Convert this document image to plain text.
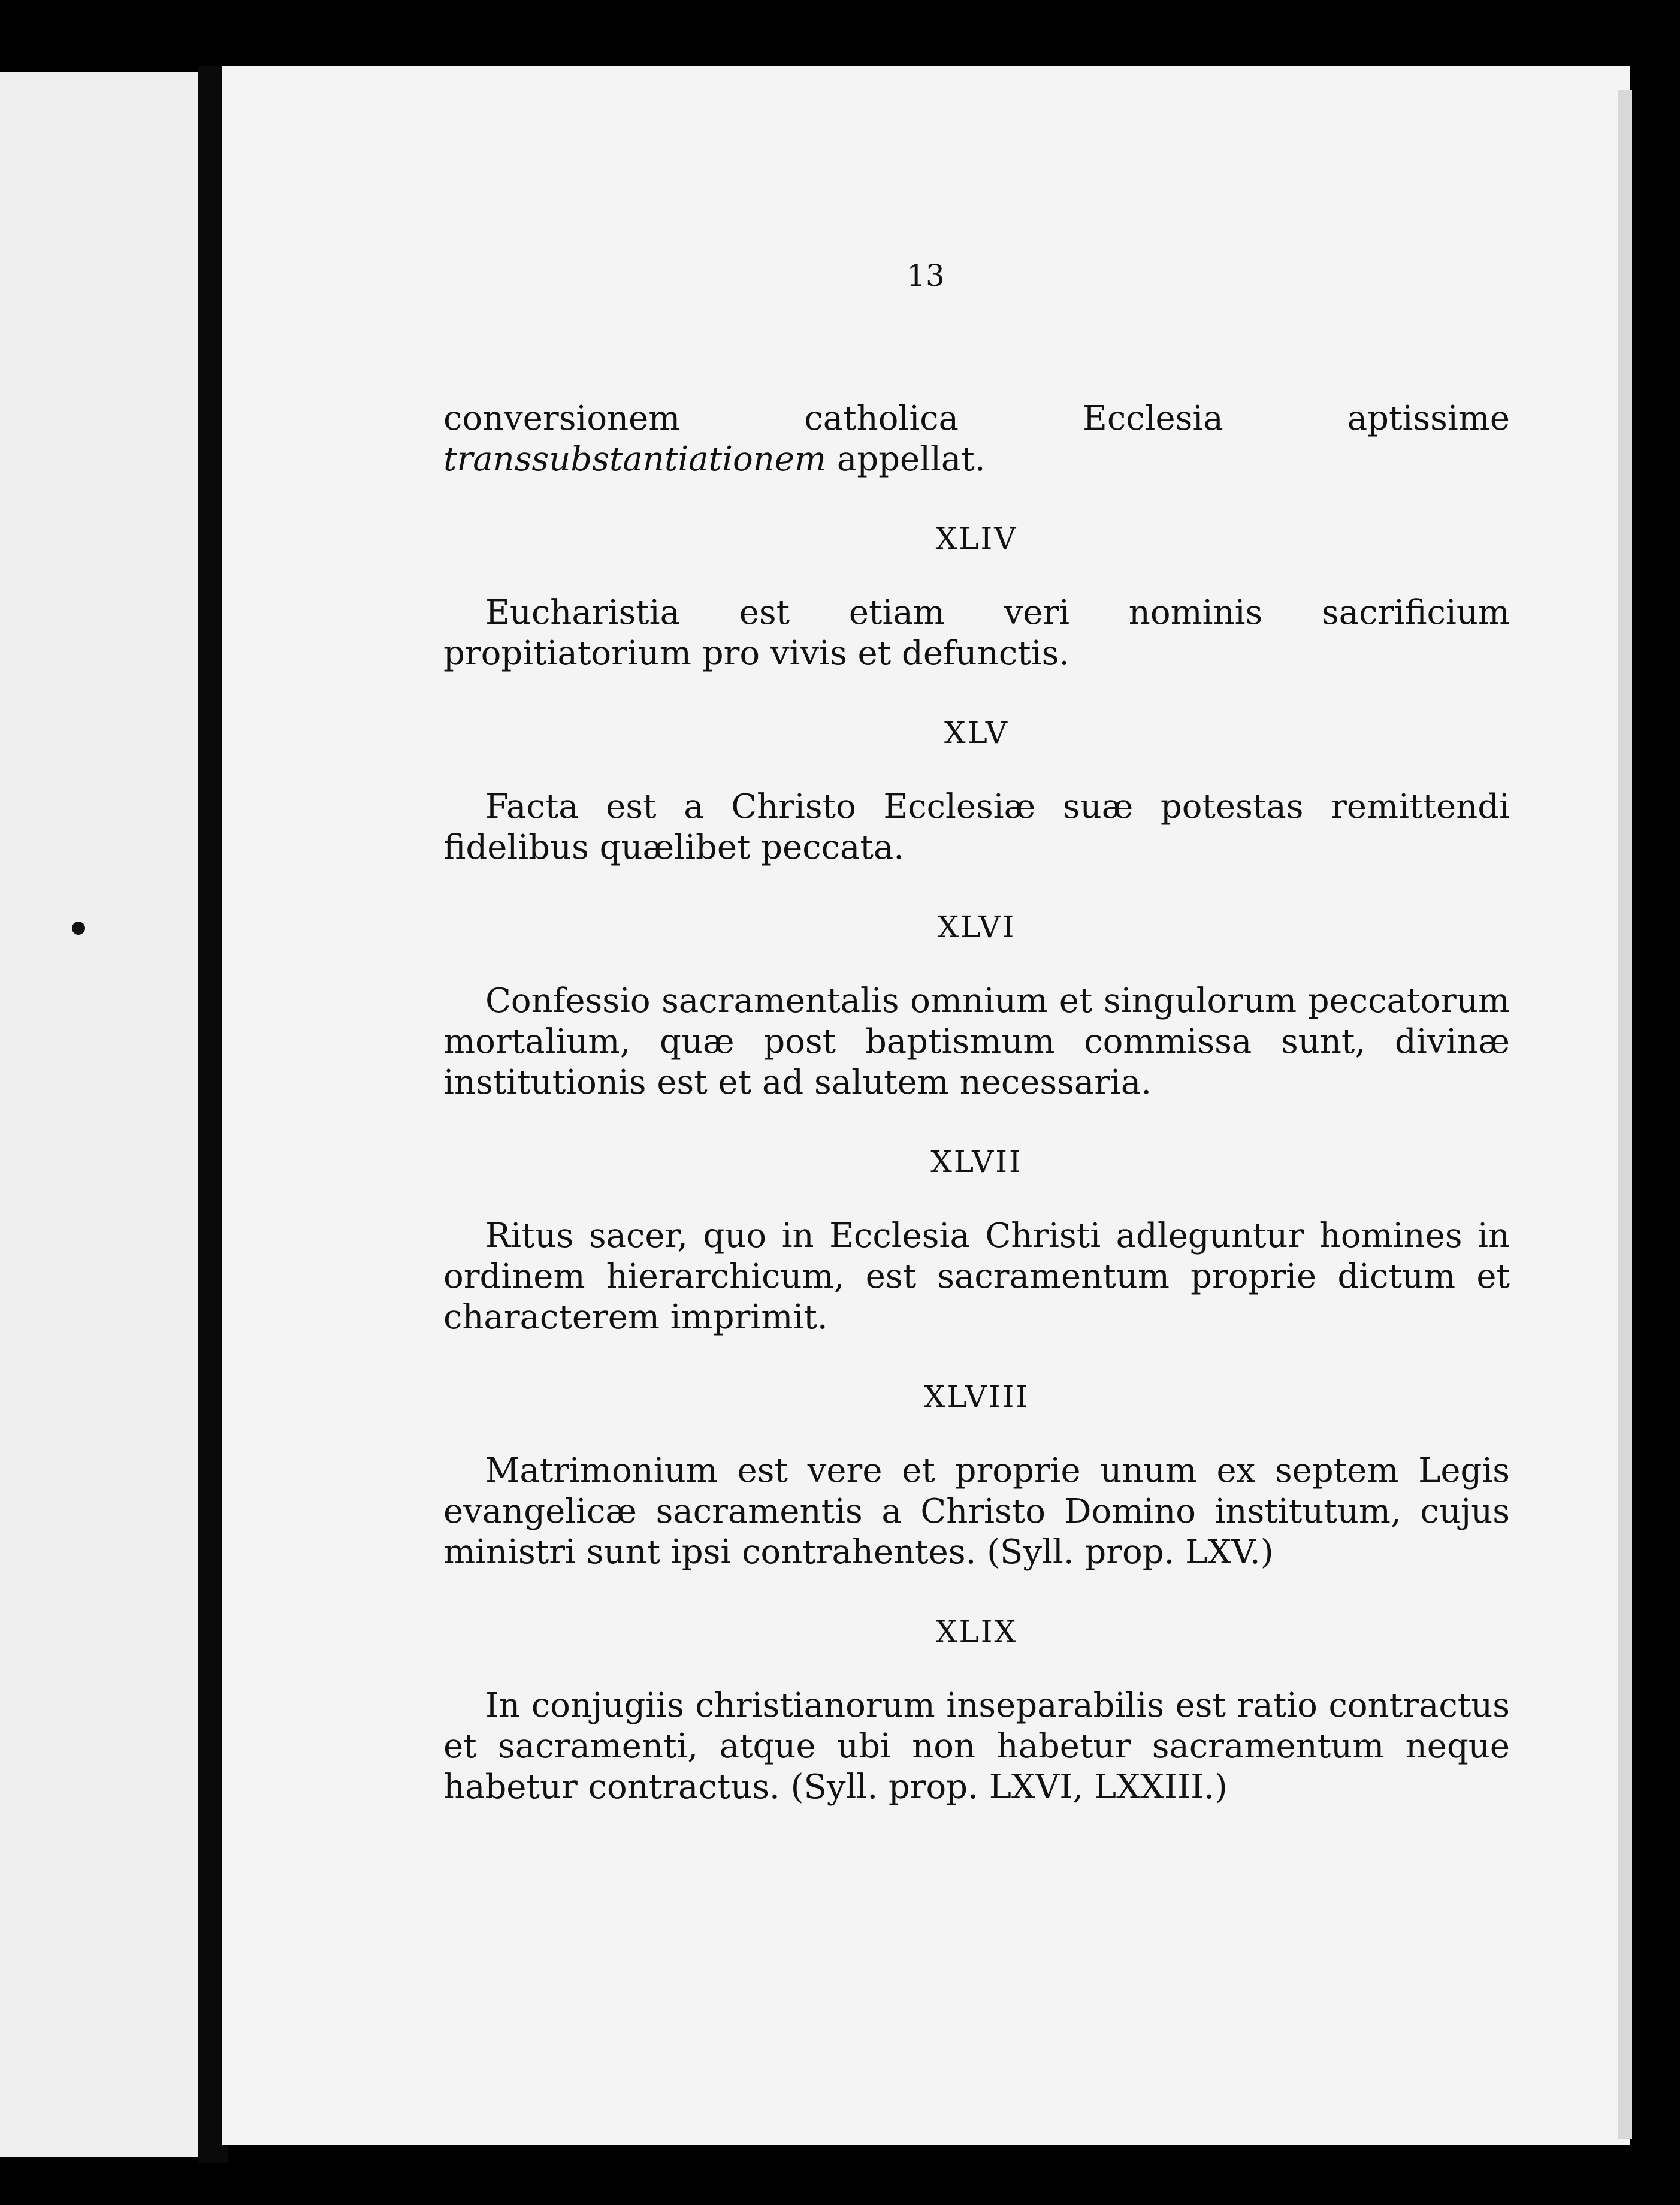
13

conversionem catholica Ecclesia aptissime transsubstantiationem appellat.

XLIV

Eucharistia est etiam veri nominis sacrificium propitiatorium pro vivis et defunctis.

XLV

Facta est a Christo Ecclesiæ suæ potestas remittendi fidelibus quælibet peccata.

XLVI

Confessio sacramentalis omnium et singulorum peccatorum mortalium, quæ post baptismum commissa sunt, divinæ institutionis est et ad salutem necessaria.

XLVII

Ritus sacer, quo in Ecclesia Christi adleguntur homines in ordinem hierarchicum, est sacramentum proprie dictum et characterem imprimit.

XLVIII

Matrimonium est vere et proprie unum ex septem Legis evangelicæ sacramentis a Christo Domino institutum, cujus ministri sunt ipsi contrahentes. (Syll. prop. LXV.)

XLIX

In conjugiis christianorum inseparabilis est ratio contractus et sacramenti, atque ubi non habetur sacramentum neque habetur contractus. (Syll. prop. LXVI, LXXIII.)
